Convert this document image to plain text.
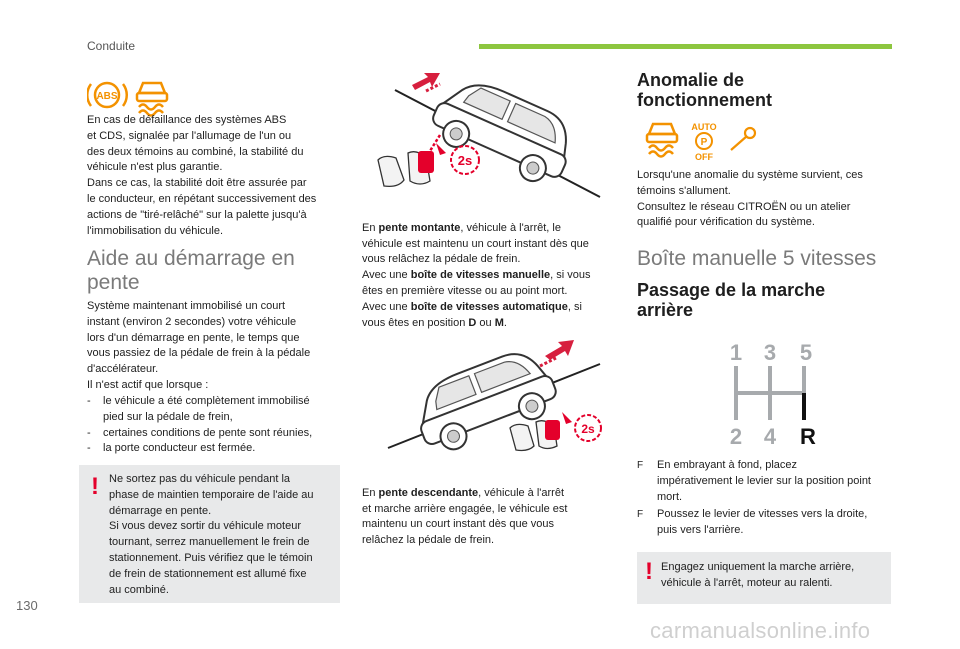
Conduite
ABS
En cas de défaillance des systèmes ABS
et CDS, signalée par l'allumage de l'un ou
des deux témoins au combiné, la stabilité du
véhicule n'est plus garantie.
Dans ce cas, la stabilité doit être assurée par
le conducteur, en répétant successivement des
actions de "tiré-relâché" sur la palette jusqu'à
l'immobilisation du véhicule.
Aide au démarrage en
pente
Système maintenant immobilisé un court
instant (environ 2 secondes) votre véhicule
lors d'un démarrage en pente, le temps que
vous passiez de la pédale de frein à la pédale
d'accélérateur.
Il n'est actif que lorsque :
-	le véhicule a été complètement immobilisé
pied sur la pédale de frein,
-	certaines conditions de pente sont réunies,
-	la porte conducteur est fermée.
! Ne sortez pas du véhicule pendant la
phase de maintien temporaire de l'aide au
démarrage en pente.
Si vous devez sortir du véhicule moteur
tournant, serrez manuellement le frein de
stationnement. Puis vérifiez que le témoin
de frein de stationnement est allumé fixe
au combiné.
2s

En pente montante, véhicule à l'arrêt, le
véhicule est maintenu un court instant dès que
vous relâchez la pédale de frein.
Avec une boîte de vitesses manuelle, si vous
êtes en première vitesse ou au point mort.
Avec une boîte de vitesses automatique, si
vous êtes en position D ou M.

2s

En pente descendante, véhicule à l'arrêt
et marche arrière engagée, le véhicule est
maintenu un court instant dès que vous
relâchez la pédale de frein.

Anomalie de
fonctionnement
AUTO
P
OFF
Lorsqu'une anomalie du système survient, ces
témoins s'allument.
Consultez le réseau CITROËN ou un atelier
qualifié pour vérification du système.
Boîte manuelle 5 vitesses
Passage de la marche
arrière
1 3 5
2 4 R
F	En embrayant à fond, placez
impérativement le levier sur la position point
mort.
F	Poussez le levier de vitesses vers la droite,
puis vers l'arrière.
! Engagez uniquement la marche arrière,
véhicule à l'arrêt, moteur au ralenti.
130
carmanualsonline.info
